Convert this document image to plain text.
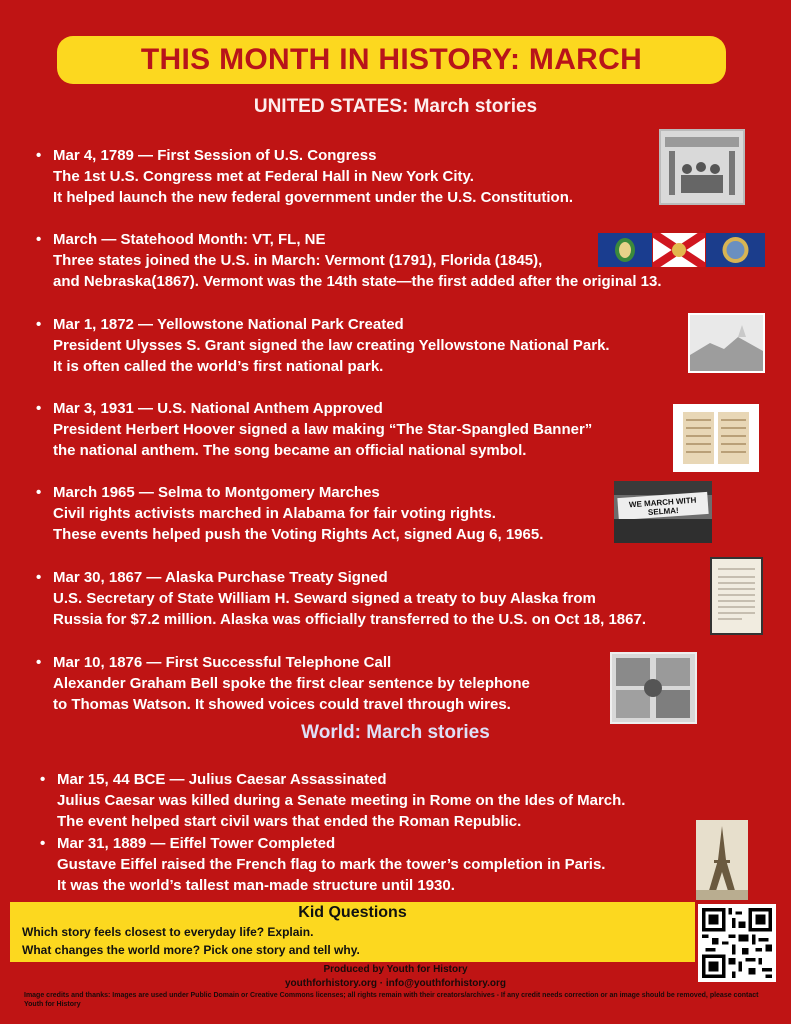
THIS MONTH IN HISTORY: MARCH
UNITED STATES: March stories
• Mar 4, 1789 — First Session of U.S. Congress
The 1st U.S. Congress met at Federal Hall in New York City.
It helped launch the new federal government under the U.S. Constitution.
• March — Statehood Month: VT, FL, NE
Three states joined the U.S. in March: Vermont (1791), Florida (1845),
and Nebraska(1867). Vermont was the 14th state—the first added after the original 13.
• Mar 1, 1872 — Yellowstone National Park Created
President Ulysses S. Grant signed the law creating Yellowstone National Park.
It is often called the world’s first national park.
• Mar 3, 1931 — U.S. National Anthem Approved
President Herbert Hoover signed a law making “The Star-Spangled Banner”
the national anthem. The song became an official national symbol.
• March 1965 — Selma to Montgomery Marches
Civil rights activists marched in Alabama for fair voting rights.
These events helped push the Voting Rights Act, signed Aug 6, 1965.
• Mar 30, 1867 — Alaska Purchase Treaty Signed
U.S. Secretary of State William H. Seward signed a treaty to buy Alaska from
Russia for $7.2 million. Alaska was officially transferred to the U.S. on Oct 18, 1867.
• Mar 10, 1876 — First Successful Telephone Call
Alexander Graham Bell spoke the first clear sentence by telephone
to Thomas Watson. It showed voices could travel through wires.
WE MARCH WITH SELMA!
World: March stories
• Mar 15, 44 BCE — Julius Caesar Assassinated
Julius Caesar was killed during a Senate meeting in Rome on the Ides of March.
The event helped start civil wars that ended the Roman Republic.
• Mar 31, 1889 — Eiffel Tower Completed
Gustave Eiffel raised the French flag to mark the tower’s completion in Paris.
It was the world’s tallest man-made structure until 1930.
Kid Questions
Which story feels closest to everyday life? Explain.
What changes the world more? Pick one story and tell why.
Produced by Youth for History
youthforhistory.org · info@youthforhistory.org
Image credits and thanks: Images are used under Public Domain or Creative Commons licenses; all rights remain with their creators/archives - If any credit needs correction or an image should be removed, please contact Youth for History
